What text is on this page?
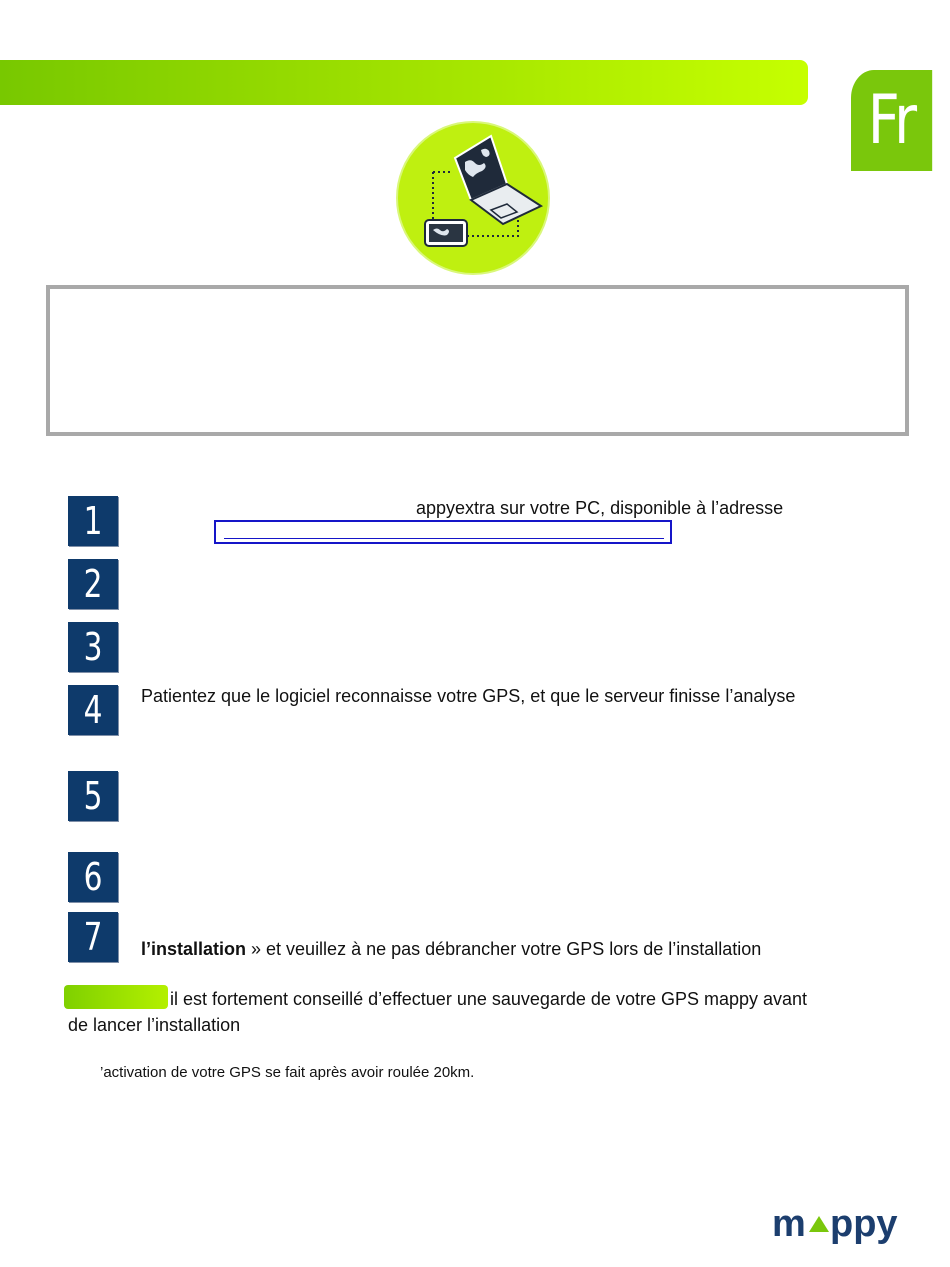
Fr
1	appyextra sur votre PC, disponible à l’adresse
2
3
4	Patientez que le logiciel reconnaisse votre GPS, et que le serveur finisse l’analyse
5
6
7	l’installation » et veuillez à ne pas débrancher votre GPS lors de l’installation
il est fortement conseillé d’effectuer une sauvegarde de votre GPS mappy avant
de lancer l’installation
’activation de votre GPS se fait après avoir roulée 20km.
m ppy
